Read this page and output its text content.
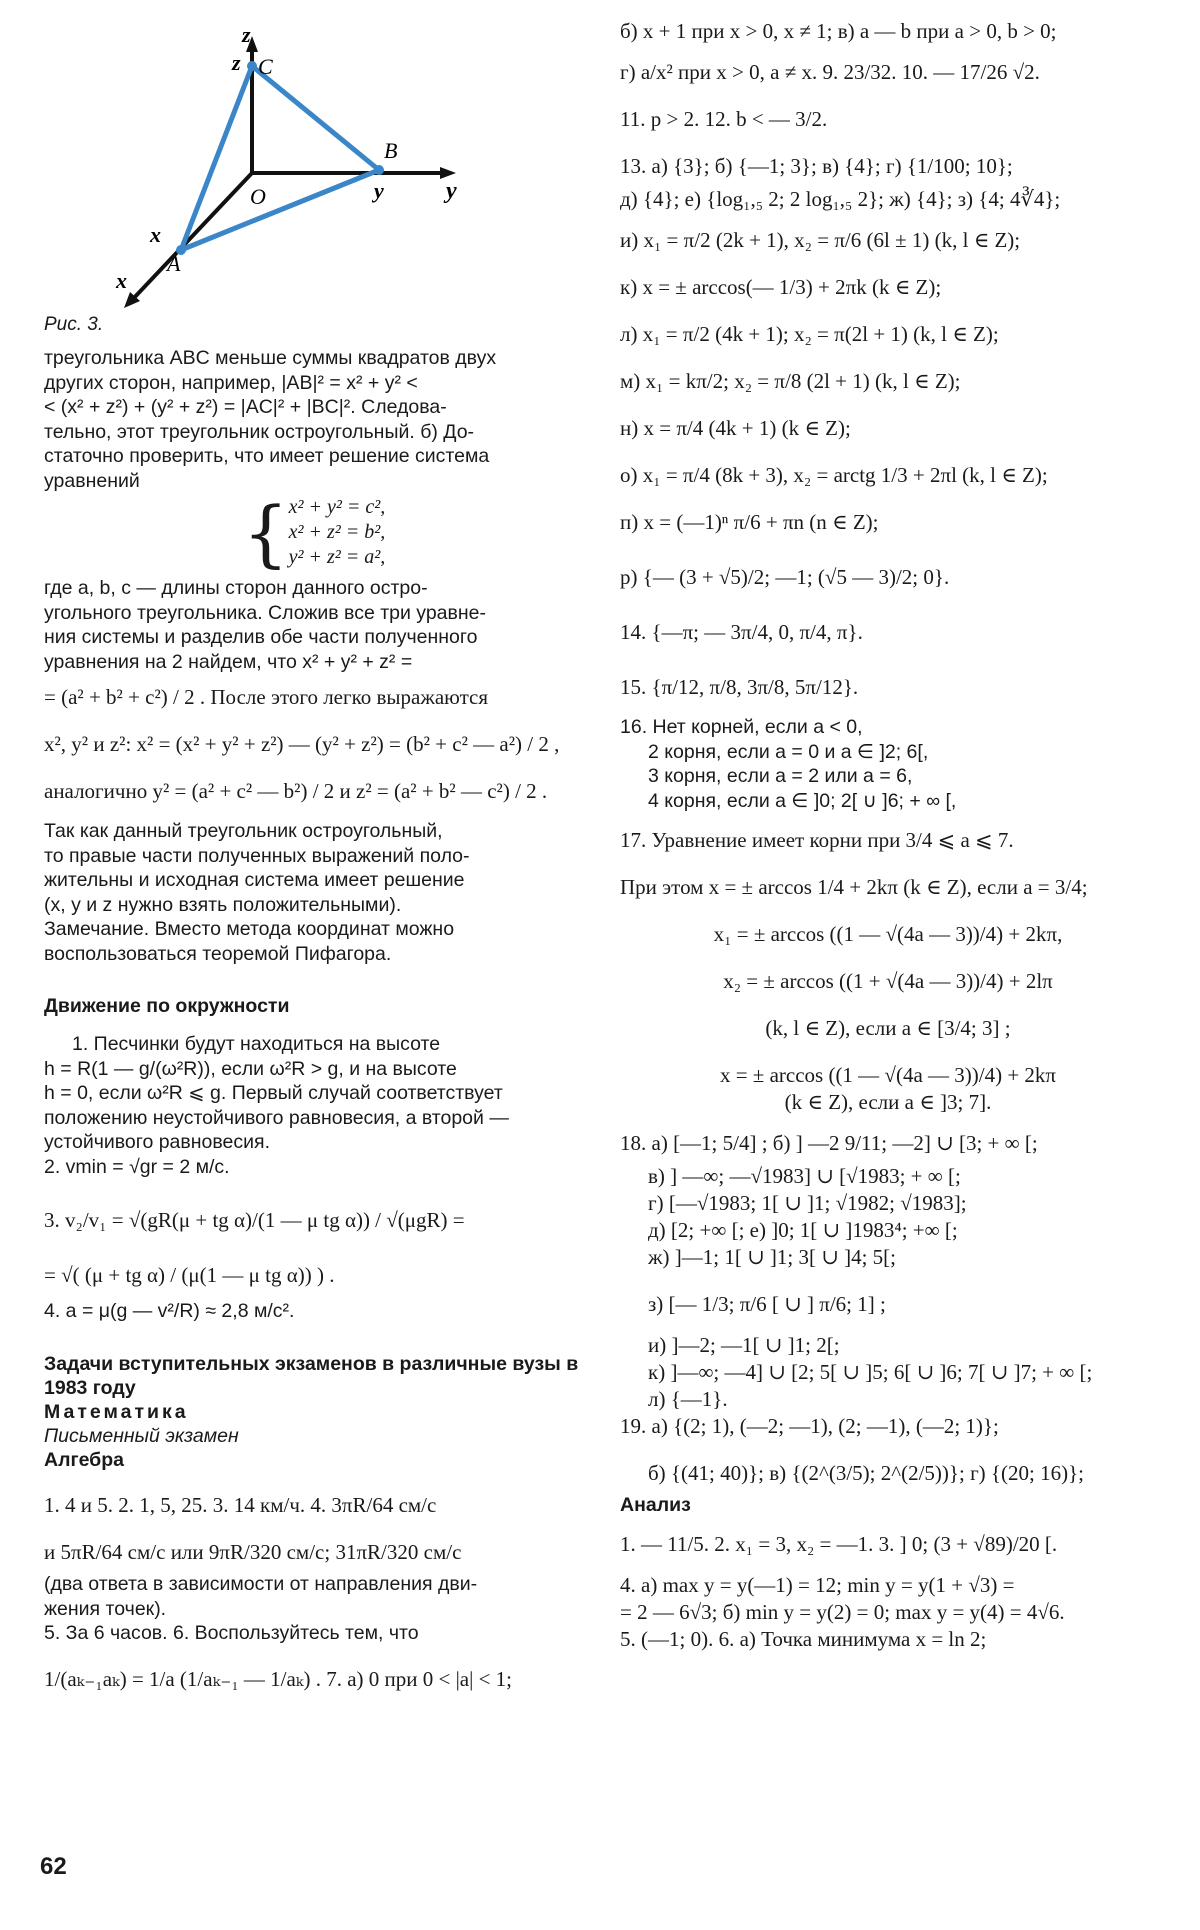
z
z C
O
B
y	y
x
A
x

Рис. 3.

треугольника ABC меньше суммы квадратов двух

других сторон, например, |AB|² = x² + y² <

< (x² + z²) + (y² + z²) = |AC|² + |BC|². Следова-

тельно, этот треугольник остроугольный. б) До-

статочно проверить, что имеет решение система

уравнений

{ x² + y² = c²,
x² + z² = b²,
y² + z² = a²,

где a, b, c — длины сторон данного остро-

угольного треугольника. Сложив все три уравне-

ния системы и разделив обе части полученного

уравнения на 2 найдем, что x² + y² + z² =

= (a² + b² + c²) / 2 . После этого легко выражаются

x², y² и z²: x² = (x² + y² + z²) — (y² + z²) = (b² + c² — a²) / 2 ,

аналогично y² = (a² + c² — b²) / 2 и z² = (a² + b² — c²) / 2 .

Так как данный треугольник остроугольный,

то правые части полученных выражений поло-

жительны и исходная система имеет решение

(x, y и z нужно взять положительными).

Замечание. Вместо метода координат можно

воспользоваться теоремой Пифагора.

Движение по окружности

1. Песчинки будут находиться на высоте

h = R(1 — g/(ω²R)), если ω²R > g, и на высоте

h = 0, если ω²R ⩽ g. Первый случай соответствует

положению неустойчивого равновесия, а второй —

устойчивого равновесия.

2. vmin = √gr = 2 м/с.

3. v₂/v₁ = √(gR(μ + tg α)/(1 — μ tg α)) / √(μgR) =

= √( (μ + tg α) / (μ(1 — μ tg α)) ) .

4. a = μ(g — v²/R) ≈ 2,8 м/с².

Задачи вступительных экзаменов в различные вузы в 1983 году

Математика

Письменный экзамен

Алгебра

1. 4 и 5. 2. 1, 5, 25. 3. 14 км/ч. 4. 3πR/64 см/с

и 5πR/64 см/с или 9πR/320 см/с; 31πR/320 см/с

(два ответа в зависимости от направления дви-

жения точек).

5. За 6 часов. 6. Воспользуйтесь тем, что

1/(aₖ₋₁aₖ) = 1/a (1/aₖ₋₁ — 1/aₖ) . 7. а) 0 при 0 < |a| < 1;

б) x + 1 при x > 0, x ≠ 1; в) a — b при a > 0, b > 0;

г) a/x² при x > 0, a ≠ x. 9. 23/32. 10. — 17/26 √2.

11. p > 2. 12. b < — 3/2.

13. а) {3}; б) {—1; 3}; в) {4}; г) {1/100; 10};

д) {4}; е) {log₁,₅ 2; 2 log₁,₅ 2}; ж) {4}; з) {4; 4∛4};

и) x₁ = π/2 (2k + 1), x₂ = π/6 (6l ± 1) (k, l ∈ Z);

к) x = ± arccos(— 1/3) + 2πk (k ∈ Z);

л) x₁ = π/2 (4k + 1); x₂ = π(2l + 1) (k, l ∈ Z);

м) x₁ = kπ/2; x₂ = π/8 (2l + 1) (k, l ∈ Z);

н) x = π/4 (4k + 1) (k ∈ Z);

о) x₁ = π/4 (8k + 3), x₂ = arctg 1/3 + 2πl (k, l ∈ Z);

п) x = (—1)ⁿ π/6 + πn (n ∈ Z);

р) {— (3 + √5)/2; —1; (√5 — 3)/2; 0}.

14. {—π; — 3π/4, 0, π/4, π}.

15. {π/12, π/8, 3π/8, 5π/12}.

16. Нет корней, если a < 0,

2 корня, если a = 0 и a ∈ ]2; 6[,

3 корня, если a = 2 или a = 6,

4 корня, если a ∈ ]0; 2[ ∪ ]6; + ∞ [,

17. Уравнение имеет корни при 3/4 ⩽ a ⩽ 7.

При этом x = ± arccos 1/4 + 2kπ (k ∈ Z), если a = 3/4;

x₁ = ± arccos ((1 — √(4a — 3))/4) + 2kπ,

x₂ = ± arccos ((1 + √(4a — 3))/4) + 2lπ

(k, l ∈ Z), если a ∈ [3/4; 3] ;

x = ± arccos ((1 — √(4a — 3))/4) + 2kπ

(k ∈ Z), если a ∈ ]3; 7].

18. а) [—1; 5/4] ; б) ] —2 9/11; —2] ∪ [3; + ∞ [;

в) ] —∞; —√1983] ∪ [√1983; + ∞ [;

г) [—√1983; 1[ ∪ ]1; √1982; √1983];

д) [2; +∞ [; е) ]0; 1[ ∪ ]1983⁴; +∞ [;

ж) ]—1; 1[ ∪ ]1; 3[ ∪ ]4; 5[;

з) [— 1/3; π/6 [ ∪ ] π/6; 1] ;

и) ]—2; —1[ ∪ ]1; 2[;

к) ]—∞; —4] ∪ [2; 5[ ∪ ]5; 6[ ∪ ]6; 7[ ∪ ]7; + ∞ [;

л) {—1}.

19. а) {(2; 1), (—2; —1), (2; —1), (—2; 1)};

б) {(41; 40)}; в) {(2^(3/5); 2^(2/5))}; г) {(20; 16)};

Анализ

1. — 11/5. 2. x₁ = 3, x₂ = —1. 3. ] 0; (3 + √89)/20 [.

4. а) max y = y(—1) = 12; min y = y(1 + √3) =

= 2 — 6√3; б) min y = y(2) = 0; max y = y(4) = 4√6.

5. (—1; 0). 6. а) Точка минимума x = ln 2;

62
